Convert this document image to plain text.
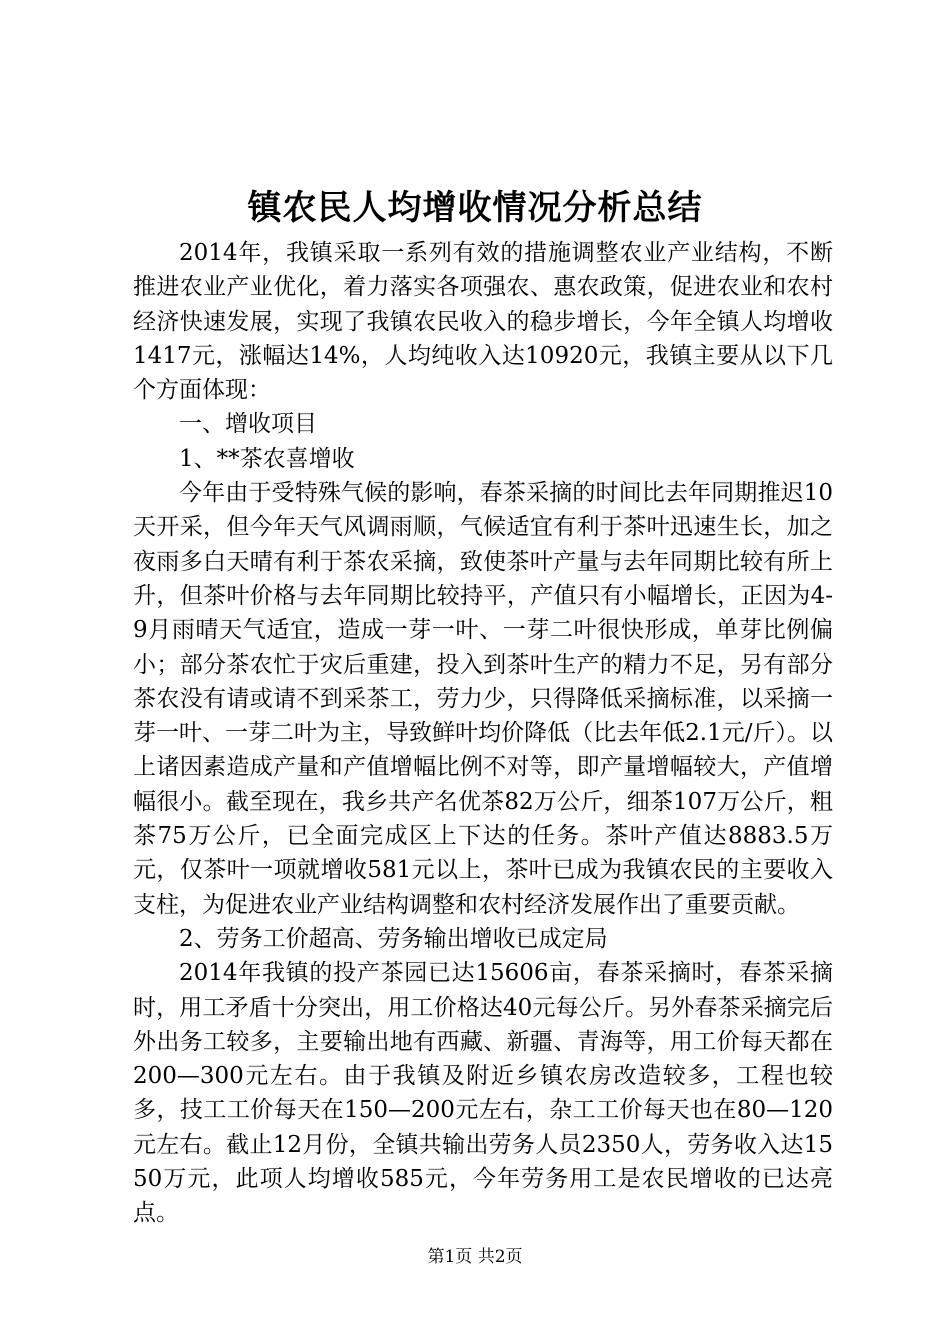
镇农民人均增收情况分析总结

2014年，我镇采取一系列有效的措施调整农业产业结构，不断推进农业产业优化，着力落实各项强农、惠农政策，促进农业和农村经济快速发展，实现了我镇农民收入的稳步增长，今年全镇人均增收1417元，涨幅达14%，人均纯收入达10920元，我镇主要从以下几个方面体现：

一、增收项目

1、**茶农喜增收

今年由于受特殊气候的影响，春茶采摘的时间比去年同期推迟10天开采，但今年天气风调雨顺，气候适宜有利于茶叶迅速生长，加之夜雨多白天晴有利于茶农采摘，致使茶叶产量与去年同期比较有所上升，但茶叶价格与去年同期比较持平，产值只有小幅增长，正因为4-9月雨晴天气适宜，造成一芽一叶、一芽二叶很快形成，单芽比例偏小；部分茶农忙于灾后重建，投入到茶叶生产的精力不足，另有部分茶农没有请或请不到采茶工，劳力少，只得降低采摘标准，以采摘一芽一叶、一芽二叶为主，导致鲜叶均价降低（比去年低2.1元/斤）。以上诸因素造成产量和产值增幅比例不对等，即产量增幅较大，产值增幅很小。截至现在，我乡共产名优茶82万公斤，细茶107万公斤，粗茶75万公斤，已全面完成区上下达的任务。茶叶产值达8883.5万元，仅茶叶一项就增收581元以上，茶叶已成为我镇农民的主要收入支柱，为促进农业产业结构调整和农村经济发展作出了重要贡献。

2、劳务工价超高、劳务输出增收已成定局

2014年我镇的投产茶园已达15606亩，春茶采摘时，春茶采摘时，用工矛盾十分突出，用工价格达40元每公斤。另外春茶采摘完后外出务工较多，主要输出地有西藏、新疆、青海等，用工价每天都在200—300元左右。由于我镇及附近乡镇农房改造较多，工程也较多，技工工价每天在150—200元左右，杂工工价每天也在80—120元左右。截止12月份，全镇共输出劳务人员2350人，劳务收入达1550万元，此项人均增收585元，今年劳务用工是农民增收的已达亮点。

第1页 共2页
